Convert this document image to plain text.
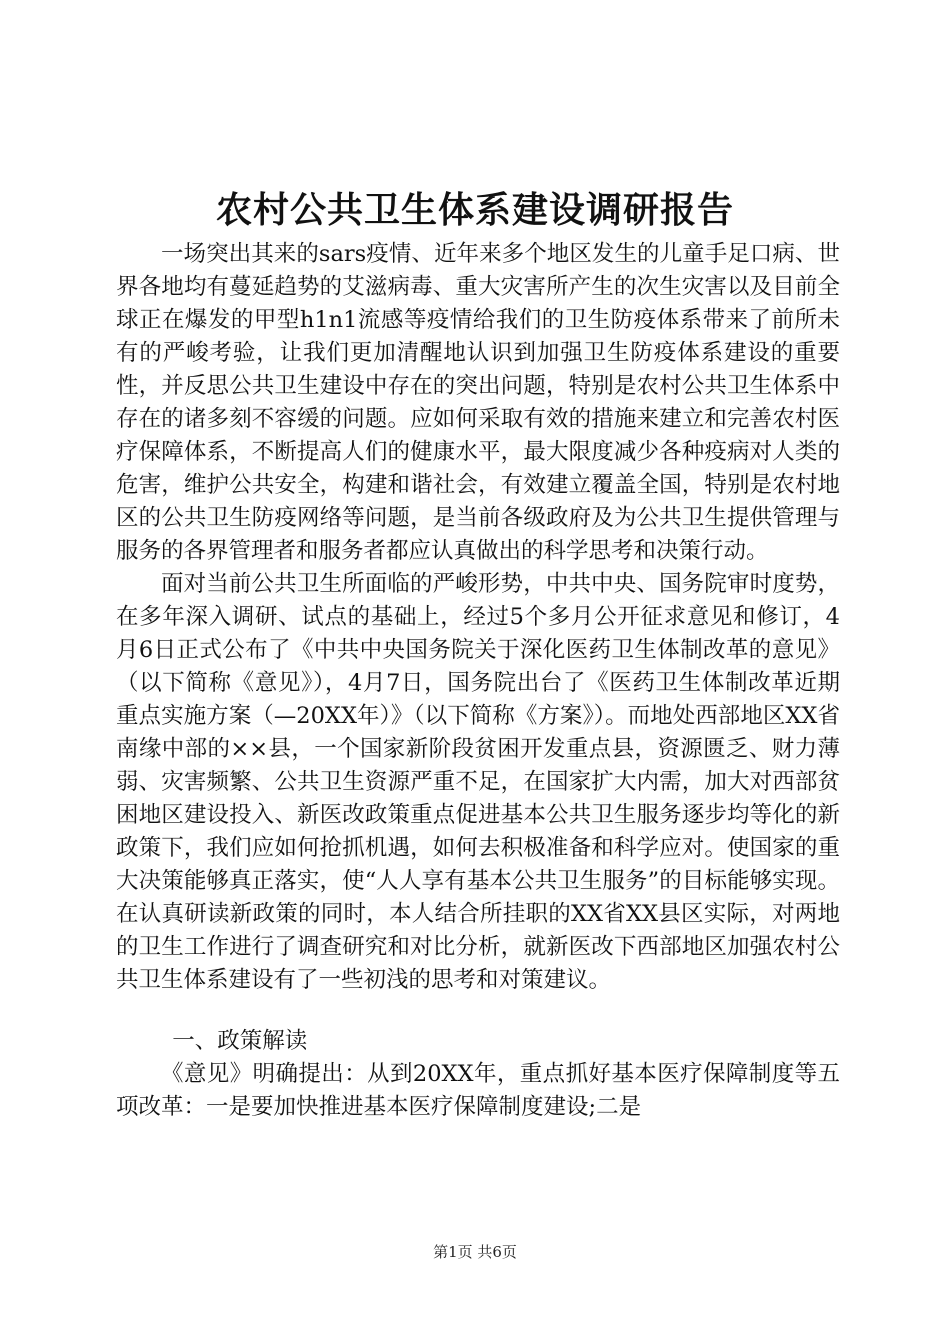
农村公共卫生体系建设调研报告

一场突出其来的sars疫情、近年来多个地区发生的儿童手足口病、世界各地均有蔓延趋势的艾滋病毒、重大灾害所产生的次生灾害以及目前全球正在爆发的甲型h1n1流感等疫情给我们的卫生防疫体系带来了前所未有的严峻考验，让我们更加清醒地认识到加强卫生防疫体系建设的重要性，并反思公共卫生建设中存在的突出问题，特别是农村公共卫生体系中存在的诸多刻不容缓的问题。应如何采取有效的措施来建立和完善农村医疗保障体系，不断提高人们的健康水平，最大限度减少各种疫病对人类的危害，维护公共安全，构建和谐社会，有效建立覆盖全国，特别是农村地区的公共卫生防疫网络等问题，是当前各级政府及为公共卫生提供管理与服务的各界管理者和服务者都应认真做出的科学思考和决策行动。

面对当前公共卫生所面临的严峻形势，中共中央、国务院审时度势，在多年深入调研、试点的基础上，经过5个多月公开征求意见和修订，4月6日正式公布了《中共中央国务院关于深化医药卫生体制改革的意见》（以下简称《意见》），4月7日，国务院出台了《医药卫生体制改革近期重点实施方案（—20XX年）》（以下简称《方案》）。而地处西部地区XX省南缘中部的××县，一个国家新阶段贫困开发重点县，资源匮乏、财力薄弱、灾害频繁、公共卫生资源严重不足，在国家扩大内需，加大对西部贫困地区建设投入、新医改政策重点促进基本公共卫生服务逐步均等化的新政策下，我们应如何抢抓机遇，如何去积极准备和科学应对。使国家的重大决策能够真正落实，使“人人享有基本公共卫生服务”的目标能够实现。在认真研读新政策的同时，本人结合所挂职的XX省XX县区实际，对两地的卫生工作进行了调查研究和对比分析，就新医改下西部地区加强农村公共卫生体系建设有了一些初浅的思考和对策建议。

一、政策解读

《意见》明确提出：从到20XX年，重点抓好基本医疗保障制度等五项改革：一是要加快推进基本医疗保障制度建设;二是

第1页 共6页
